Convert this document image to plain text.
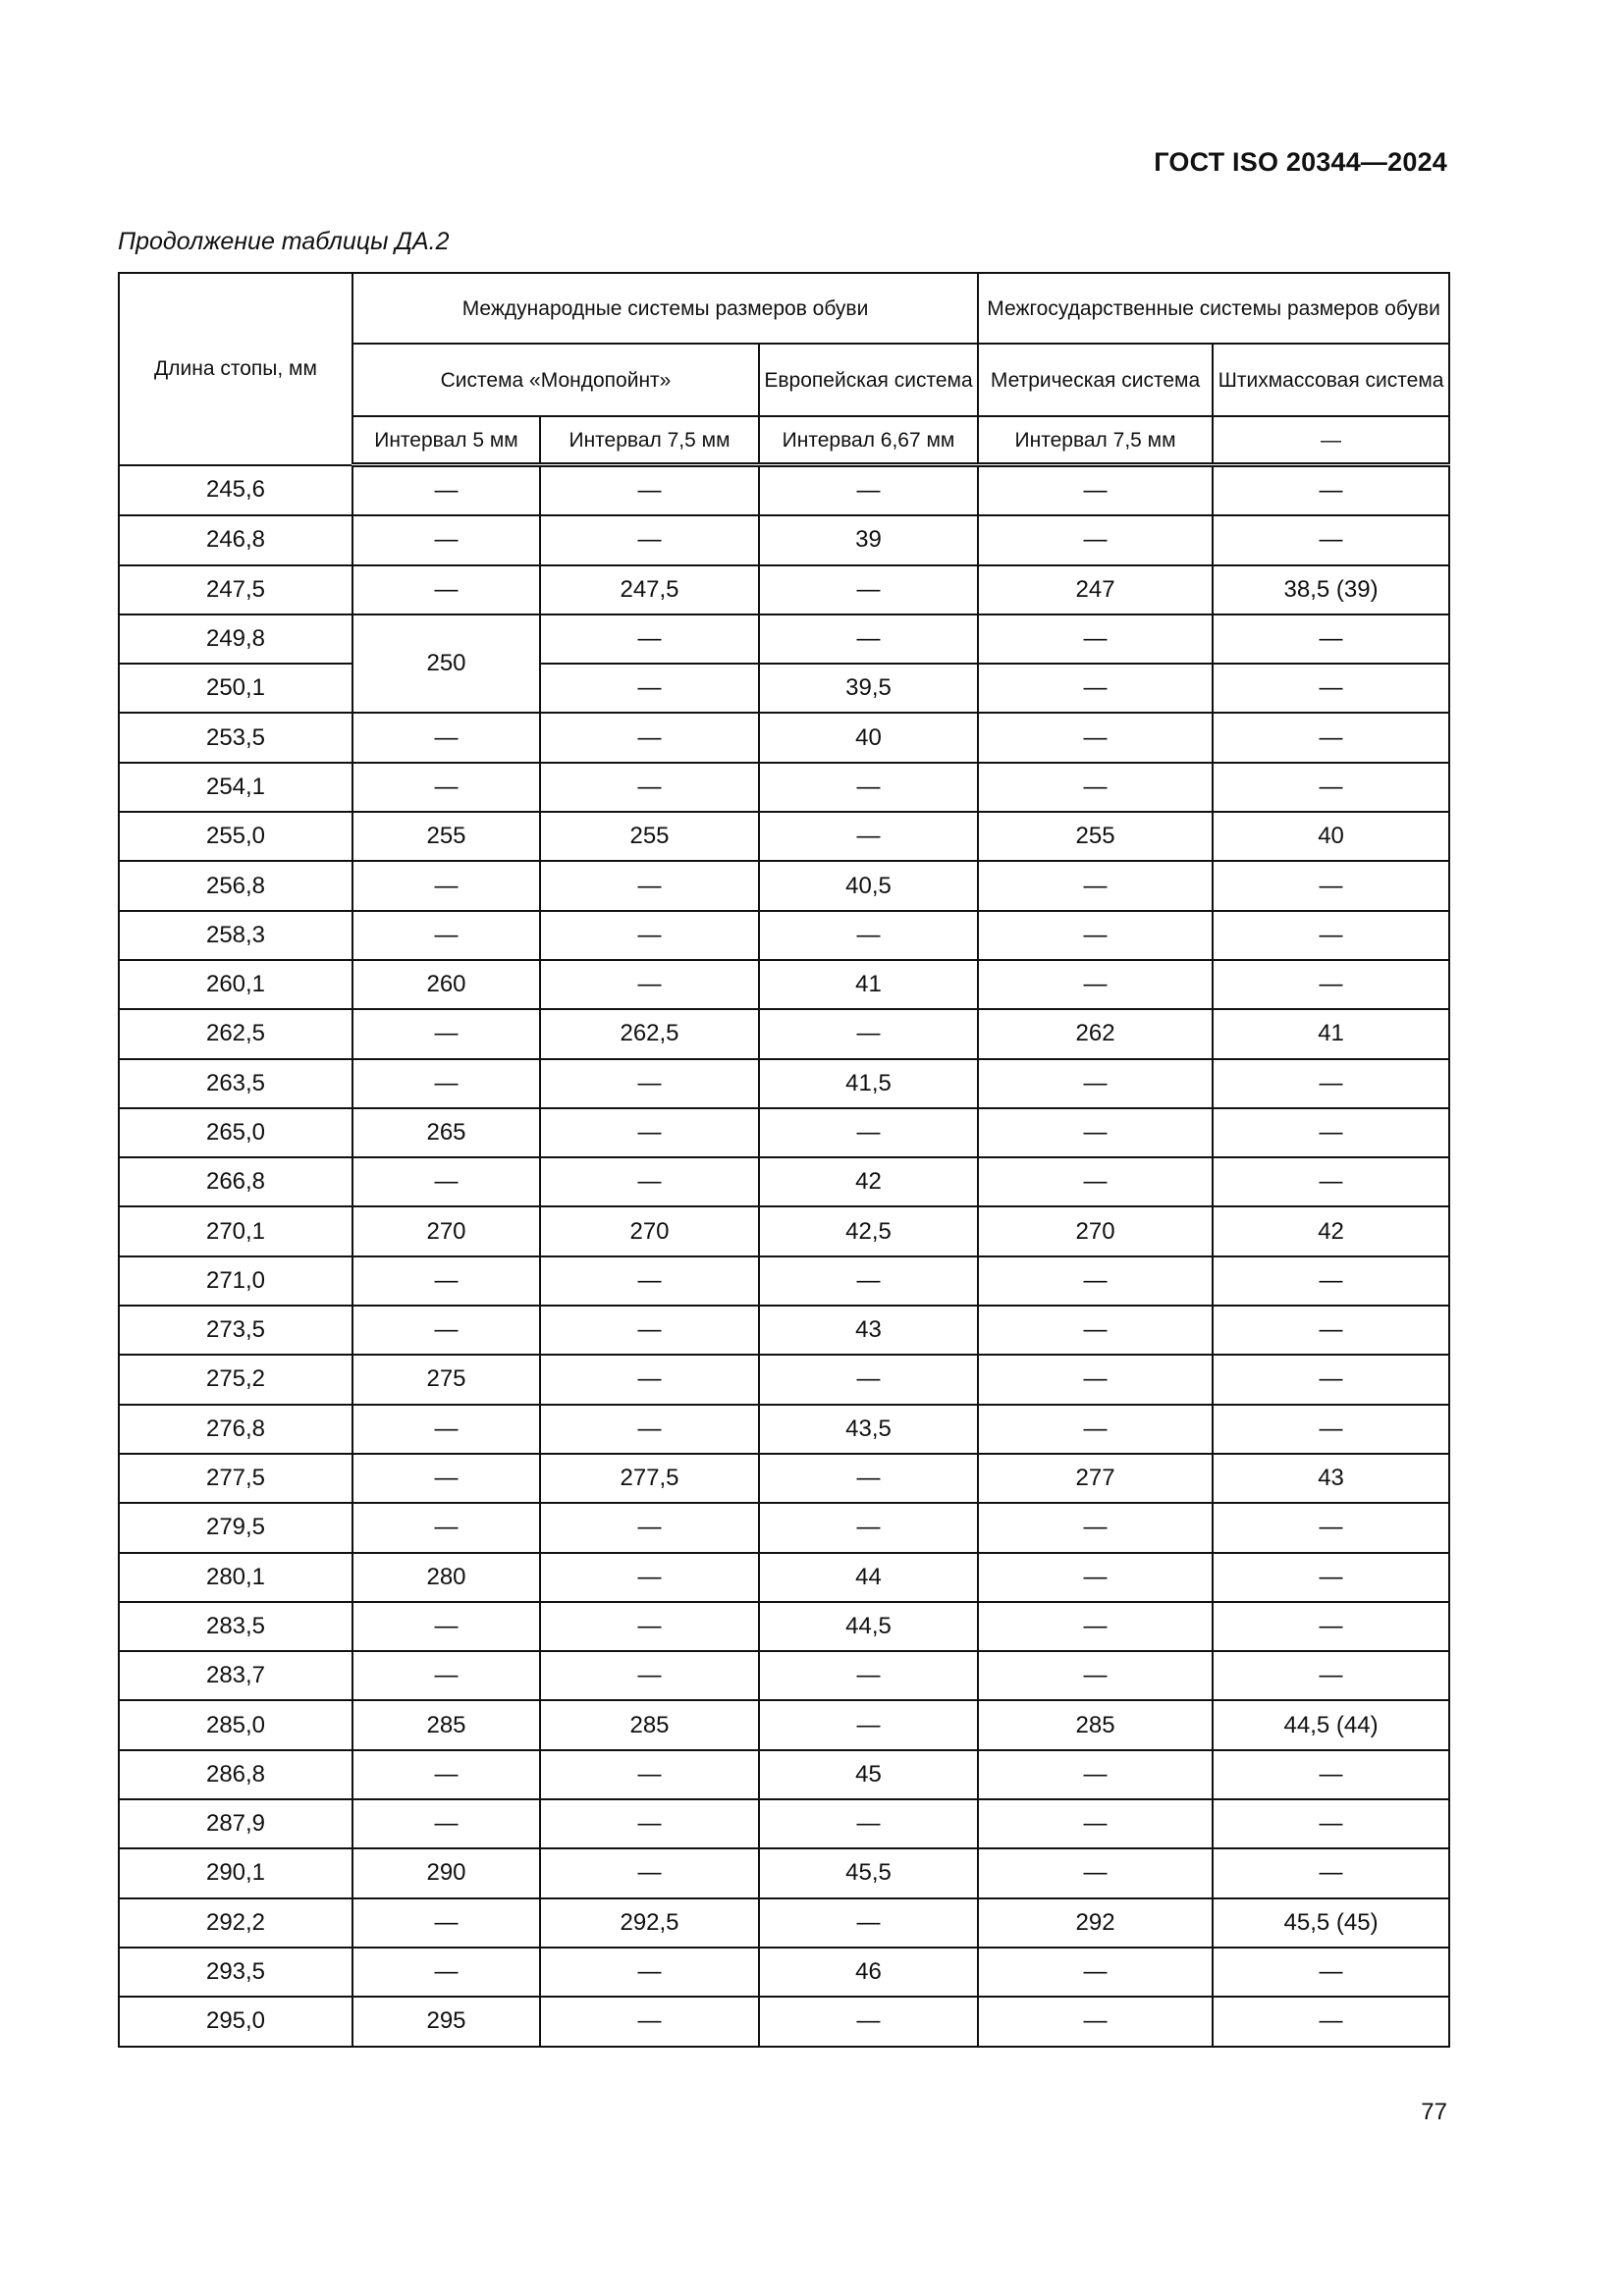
ГОСТ ISO 20344—2024
Продолжение таблицы ДА.2
Длина стопы, мм	Международные системы размеров обуви			Межгосударственные системы размеров обуви	
	Система «Мондопойнт»		Европейская система	Метрическая система	Штихмассовая система
	Интервал 5 мм	Интервал 7,5 мм	Интервал 6,67 мм	Интервал 7,5 мм	—
245,6	—	—	—	—	—
246,8	—	—	39	—	—
247,5	—	247,5	—	247	38,5 (39)
249,8	250	—	—	—	—
250,1		—	39,5	—	—
253,5	—	—	40	—	—
254,1	—	—	—	—	—
255,0	255	255	—	255	40
256,8	—	—	40,5	—	—
258,3	—	—	—	—	—
260,1	260	—	41	—	—
262,5	—	262,5	—	262	41
263,5	—	—	41,5	—	—
265,0	265	—	—	—	—
266,8	—	—	42	—	—
270,1	270	270	42,5	270	42
271,0	—	—	—	—	—
273,5	—	—	43	—	—
275,2	275	—	—	—	—
276,8	—	—	43,5	—	—
277,5	—	277,5	—	277	43
279,5	—	—	—	—	—
280,1	280	—	44	—	—
283,5	—	—	44,5	—	—
283,7	—	—	—	—	—
285,0	285	285	—	285	44,5 (44)
286,8	—	—	45	—	—
287,9	—	—	—	—	—
290,1	290	—	45,5	—	—
292,2	—	292,5	—	292	45,5 (45)
293,5	—	—	46	—	—
295,0	295	—	—	—	—
77
